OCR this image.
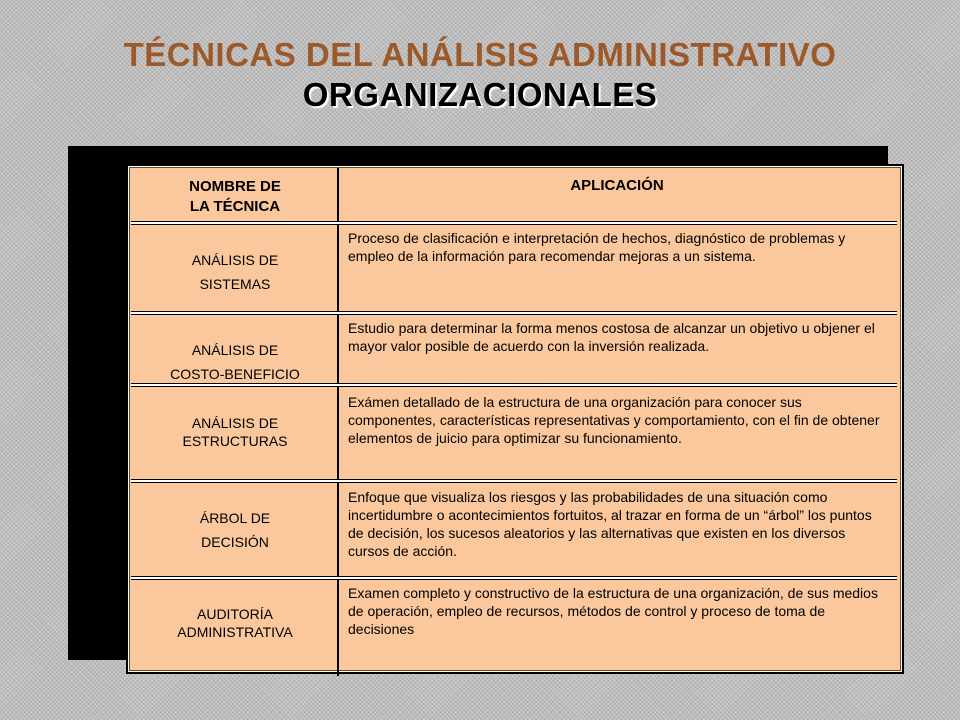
TÉCNICAS DEL ANÁLISIS ADMINISTRATIVO
ORGANIZACIONALES
NOMBRE DE LA TÉCNICA
APLICACIÓN
ANÁLISIS DE
SISTEMAS
Proceso de clasificación e interpretación de hechos, diagnóstico de problemas y empleo de la información para recomendar mejoras a un sistema.
ANÁLISIS DE
COSTO-BENEFICIO
Estudio para determinar la forma menos costosa de alcanzar un objetivo u objener el mayor valor posible de acuerdo con la inversión realizada.
ANÁLISIS DE
ESTRUCTURAS
Exámen detallado de la estructura de una organización para conocer sus componentes, características representativas y comportamiento, con el fin de obtener elementos de juicio para optimizar su funcionamiento.
ÁRBOL DE
DECISIÓN
Enfoque que visualiza los riesgos y las probabilidades de una situación como incertidumbre o acontecimientos fortuitos, al trazar en forma de un “árbol” los puntos de decisión, los sucesos aleatorios y las alternativas que existen en los diversos cursos de acción.
AUDITORÍA
ADMINISTRATIVA
Examen completo y constructivo de la estructura de una organización, de sus medios de operación, empleo de recursos, métodos de control y proceso de toma de decisiones
